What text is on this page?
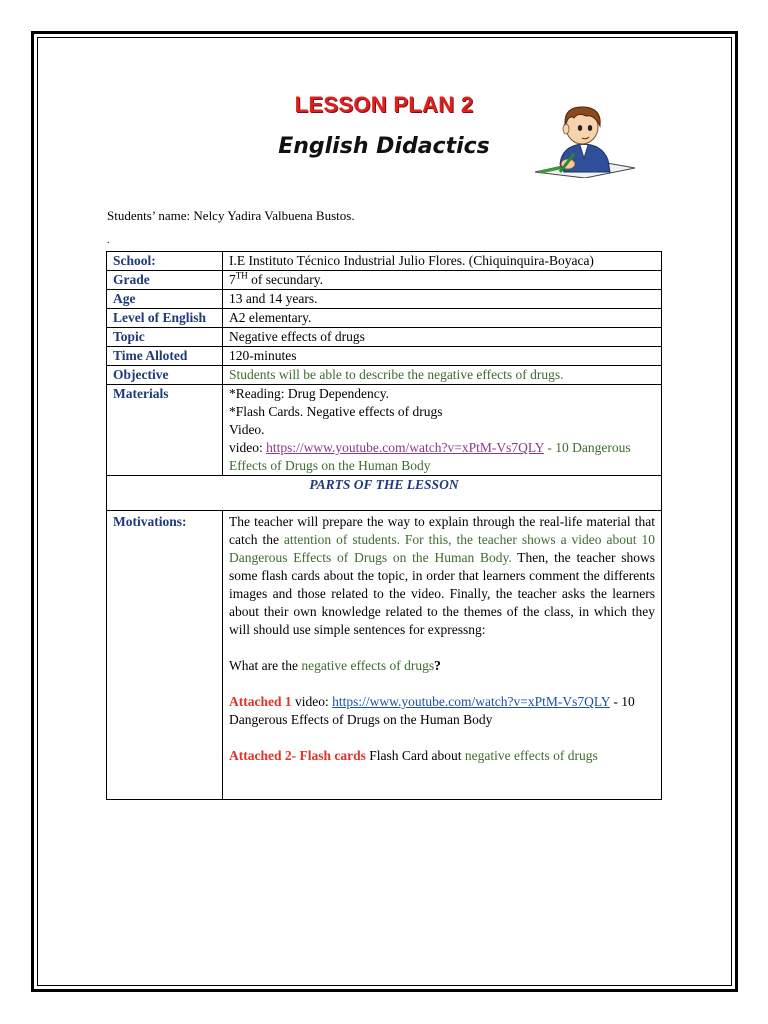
LESSON PLAN 2
English Didactics
Students’ name: Nelcy Yadira Valbuena Bustos.
.
School:	I.E Instituto Técnico Industrial Julio Flores. (Chiquinquira-Boyaca)
Grade	7TH of secundary.
Age	13 and 14 years.
Level of English	A2 elementary.
Topic	Negative effects of drugs
Time Alloted	120-minutes
Objective	Students will be able to describe the negative effects of drugs.
Materials	*Reading: Drug Dependency.
*Flash Cards. Negative effects of drugs
Video.
video: https://www.youtube.com/watch?v=xPtM-Vs7QLY - 10 Dangerous Effects of Drugs on the Human Body

PARTS OF THE LESSON	
Motivations:	The teacher will prepare the way to explain through the real-life material that catch the attention of students. For this, the teacher shows a video about 10 Dangerous Effects of Drugs on the Human Body. Then, the teacher shows some flash cards about the topic, in order that learners comment the differents images and those related to the video. Finally, the teacher asks the learners about their own knowledge related to the themes of the class, in which they will should use simple sentences for expressng:
What are the negative effects of drugs?
Attached 1 video: https://www.youtube.com/watch?v=xPtM-Vs7QLY - 10 Dangerous Effects of Drugs on the Human Body
Attached 2- Flash cards Flash Card about negative effects of drugs
